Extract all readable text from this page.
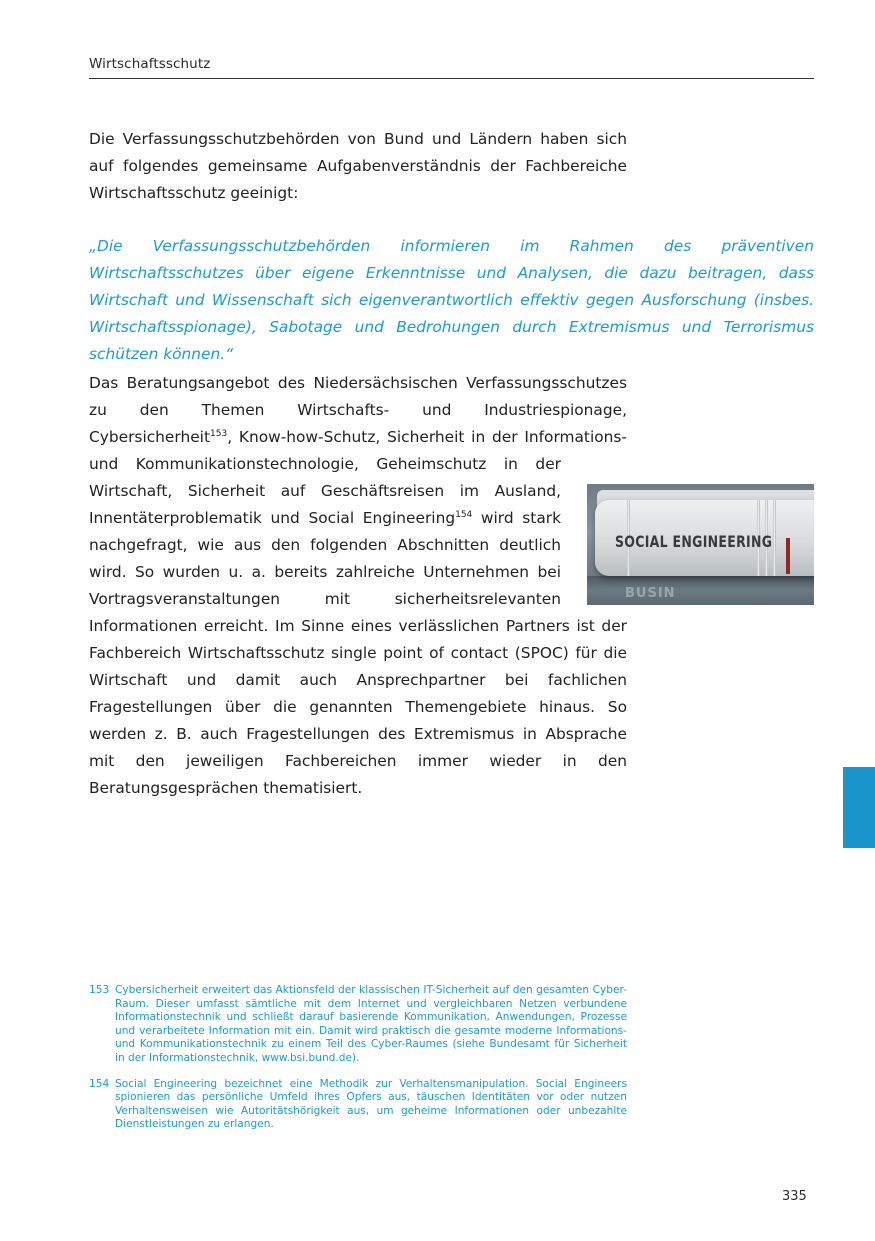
Wirtschaftsschutz

Die Verfassungsschutzbehörden von Bund und Ländern haben sich auf folgendes gemeinsame Aufgabenverständnis der Fachbereiche Wirtschaftsschutz geeinigt:

„Die Verfassungsschutzbehörden informieren im Rahmen des präventiven Wirtschaftsschutzes über eigene Erkenntnisse und Analysen, die dazu beitragen, dass Wirtschaft und Wissenschaft sich eigenverantwortlich effektiv gegen Ausforschung (insbes. Wirtschaftsspionage), Sabotage und Bedrohungen durch Extremismus und Terrorismus schützen können.“

Das Beratungsangebot des Niedersächsischen Verfassungsschutzes zu den Themen Wirtschafts- und Industriespionage, Cybersicherheit$^{153}$, Know-how-Schutz, Sicherheit in der Informations- und Kommunikationstechnologie, Geheimschutz in der Wirtschaft, Sicherheit auf Geschäftsreisen im Ausland, Innentäterproblematik und Social Engineering$^{154}$ wird stark nachgefragt, wie aus den folgenden Abschnitten deutlich wird. So wurden u. a. bereits zahlreiche Unternehmen bei Vortragsveranstaltungen mit sicherheitsrelevanten Informationen erreicht. Im Sinne eines verlässlichen Partners ist der Fachbereich Wirtschaftsschutz single point of contact (SPOC) für die Wirtschaft und damit auch Ansprechpartner bei fachlichen Fragestellungen über die genannten Themengebiete hinaus. So werden z. B. auch Fragestellungen des Extremismus in Absprache mit den jeweiligen Fachbereichen immer wieder in den Beratungsgesprächen thematisiert.
BUSIN
SOCIAL ENGINEERING
153 Cybersicherheit erweitert das Aktionsfeld der klassischen IT-Sicherheit auf den gesamten Cyber-Raum. Dieser umfasst sämtliche mit dem Internet und vergleichbaren Netzen verbundene Informationstechnik und schließt darauf basierende Kommunikation, Anwendungen, Prozesse und verarbeitete Information mit ein. Damit wird praktisch die gesamte moderne Informations- und Kommunikationstechnik zu einem Teil des Cyber-Raumes (siehe Bundesamt für Sicherheit in der Informationstechnik, www.bsi.bund.de).
154 Social Engineering bezeichnet eine Methodik zur Verhaltensmanipulation. Social Engineers spionieren das persönliche Umfeld ihres Opfers aus, täuschen Identitäten vor oder nutzen Verhaltensweisen wie Autoritätshörigkeit aus, um geheime Informationen oder unbezahlte Dienstleistungen zu erlangen.
335
